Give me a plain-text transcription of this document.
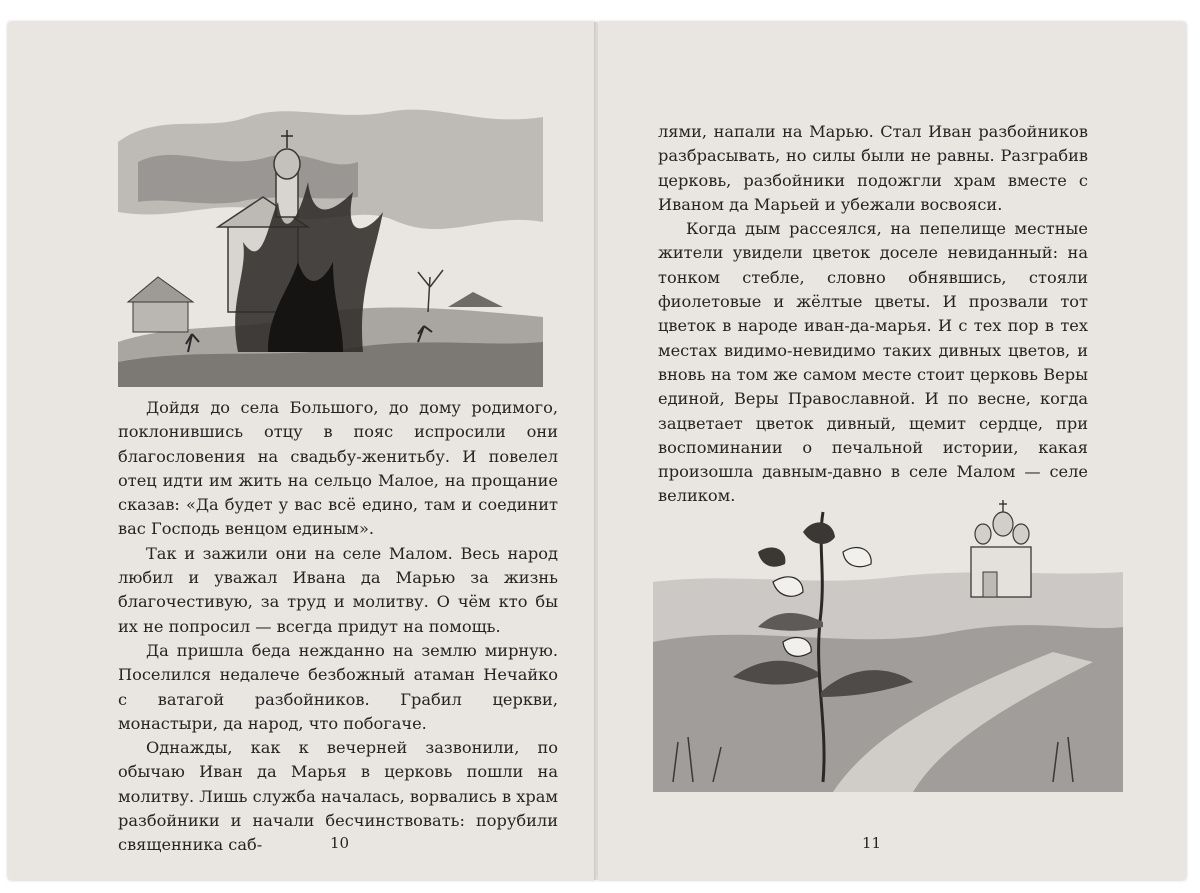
Дойдя до села Большого, до дому родимого, поклонившись отцу в пояс испросили они благословения на свадьбу-женитьбу. И повелел отец идти им жить на сельцо Малое, на прощание сказав: «Да будет у вас всё едино, там и соединит вас Господь венцом единым».

Так и зажили они на селе Малом. Весь народ любил и уважал Ивана да Марью за жизнь благочестивую, за труд и молитву. О чём кто бы их не попросил — всегда придут на помощь.

Да пришла беда нежданно на землю мирную. Поселился недалече безбожный атаман Нечайко с ватагой разбойников. Грабил церкви, монастыри, да народ, что побогаче.

Однажды, как к вечерней зазвонили, по обычаю Иван да Марья в церковь пошли на молитву. Лишь служба началась, ворвались в храм разбойники и начали бесчинствовать: порубили священника саб-	10

лями, напали на Марью. Стал Иван разбойников разбрасывать, но силы были не равны. Разграбив церковь, разбойники подожгли храм вместе с Иваном да Марьей и убежали восвояси.

Когда дым рассеялся, на пепелище местные жители увидели цветок доселе невиданный: на тонком стебле, словно обнявшись, стояли фиолетовые и жёлтые цветы. И прозвали тот цветок в народе иван-да-марья. И с тех пор в тех местах видимо-невидимо таких дивных цветов, и вновь на том же самом месте стоит церковь Веры единой, Веры Православной. И по весне, когда зацветает цветок дивный, щемит сердце, при воспоминании о печальной истории, какая произошла давным-давно в селе Малом — селе великом.

11
